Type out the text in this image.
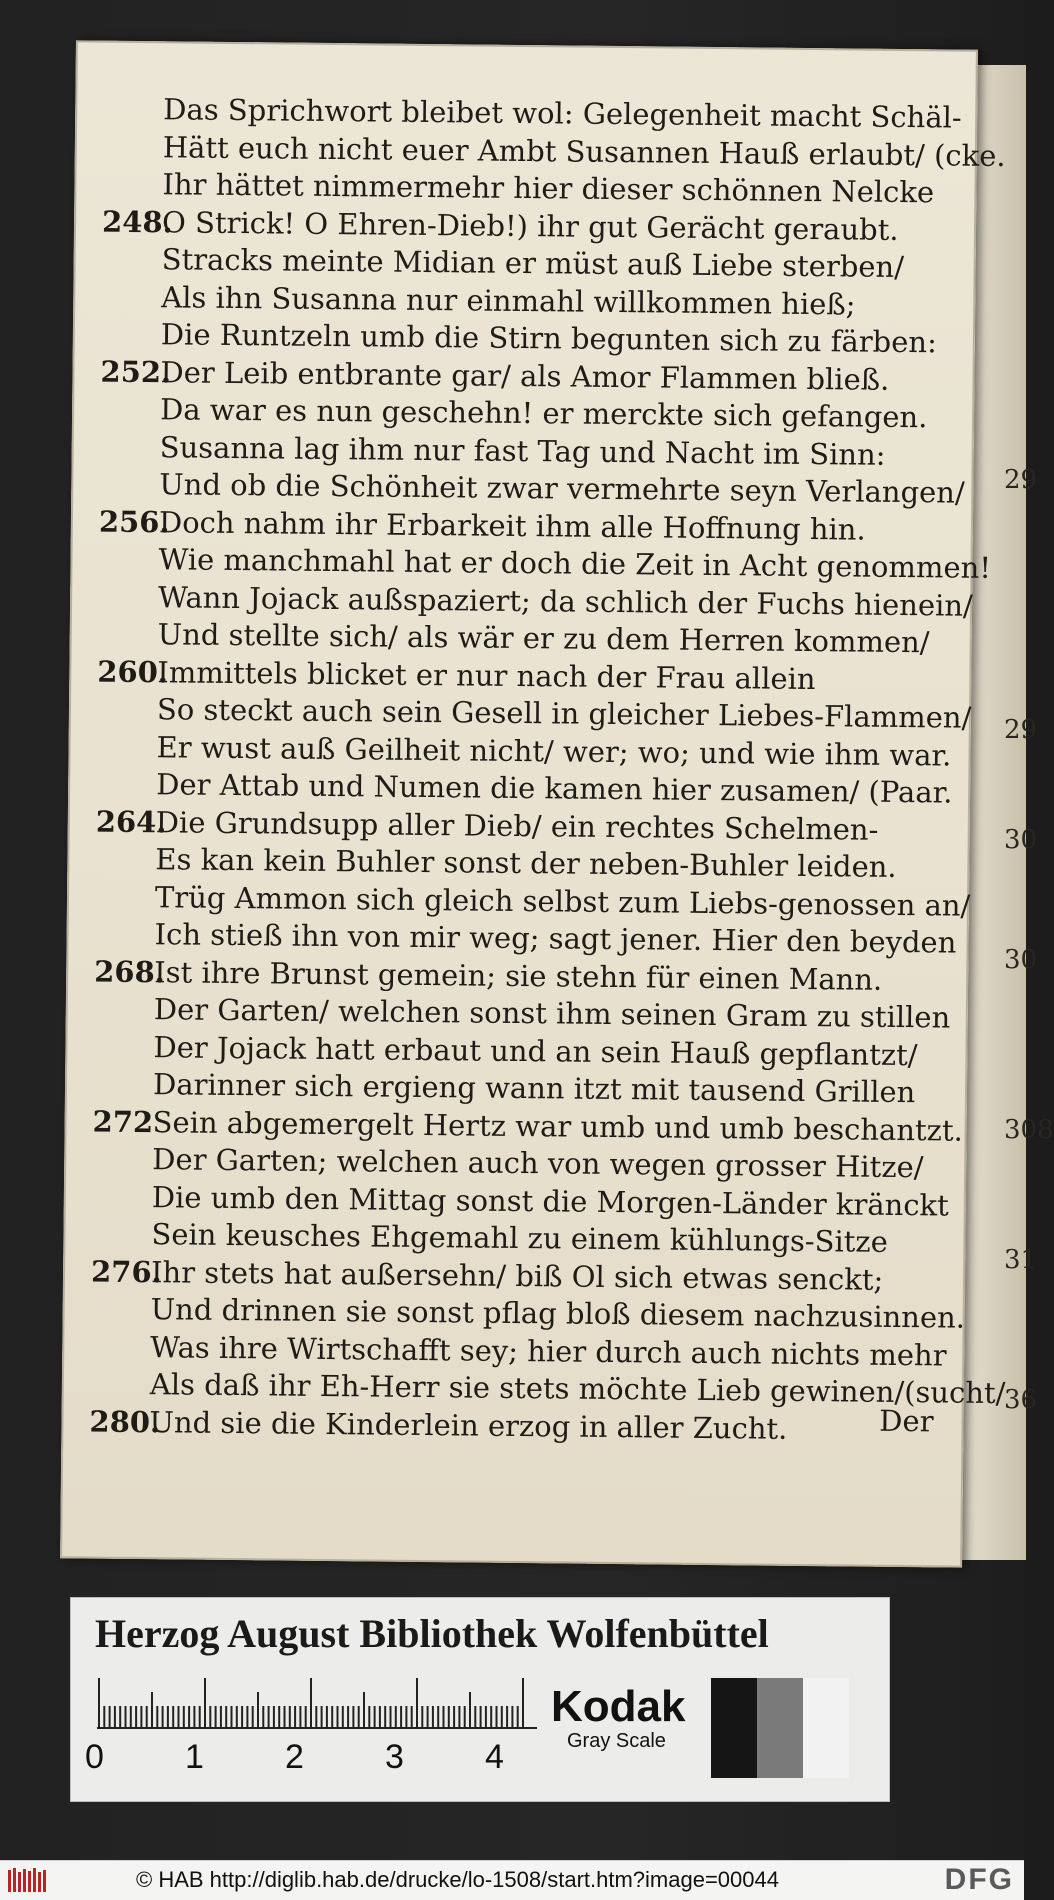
29
29
30
30
308
31
36
Das Sprichwort bleibet wol: Gelegenheit macht Schäl-
Hätt euch nicht euer Ambt Susannen Hauß erlaubt/ (cke.
Ihr hättet nimmermehr hier dieser schönnen Nelcke
248.
O Strick! O Ehren-Dieb!) ihr gut Gerächt geraubt.
Stracks meinte Midian er müst auß Liebe sterben/
Als ihn Susanna nur einmahl willkommen hieß;
Die Runtzeln umb die Stirn begunten sich zu färben:
252.
Der Leib entbrante gar/ als Amor Flammen bließ.
Da war es nun geschehn! er merckte sich gefangen.
Susanna lag ihm nur fast Tag und Nacht im Sinn:
Und ob die Schönheit zwar vermehrte seyn Verlangen/
256.
Doch nahm ihr Erbarkeit ihm alle Hoffnung hin.
Wie manchmahl hat er doch die Zeit in Acht genommen!
Wann Jojack außspaziert; da schlich der Fuchs hienein/
Und stellte sich/ als wär er zu dem Herren kommen/
260.
Immittels blicket er nur nach der Frau allein
So steckt auch sein Gesell in gleicher Liebes-Flammen/
Er wust auß Geilheit nicht/ wer; wo; und wie ihm war.
Der Attab und Numen die kamen hier zusamen/ (Paar.
264.
Die Grundsupp aller Dieb/ ein rechtes Schelmen-
Es kan kein Buhler sonst der neben-Buhler leiden.
Trüg Ammon sich gleich selbst zum Liebs-genossen an/
Ich stieß ihn von mir weg; sagt jener. Hier den beyden
268.
Ist ihre Brunst gemein; sie stehn für einen Mann.
Der Garten/ welchen sonst ihm seinen Gram zu stillen
Der Jojack hatt erbaut und an sein Hauß gepflantzt/
Darinner sich ergieng wann itzt mit tausend Grillen
272 Sein abgemergelt Hertz war umb und umb beschantzt.
Der Garten; welchen auch von wegen grosser Hitze/
Die umb den Mittag sonst die Morgen-Länder kränckt
Sein keusches Ehgemahl zu einem kühlungs-Sitze
276.
Ihr stets hat außersehn/ biß Ol sich etwas senckt;
Und drinnen sie sonst pflag bloß diesem nachzusinnen.
Was ihre Wirtschafft sey; hier durch auch nichts mehr
Als daß ihr Eh-Herr sie stets möchte Lieb gewinen/(sucht/
280.
Und sie die Kinderlein erzog in aller Zucht.	Der
Herzog August Bibliothek Wolfenbüttel
0 1 2 3 4
Kodak
Gray Scale
© HAB http://diglib.hab.de/drucke/lo-1508/start.htm?image=00044	DFG
